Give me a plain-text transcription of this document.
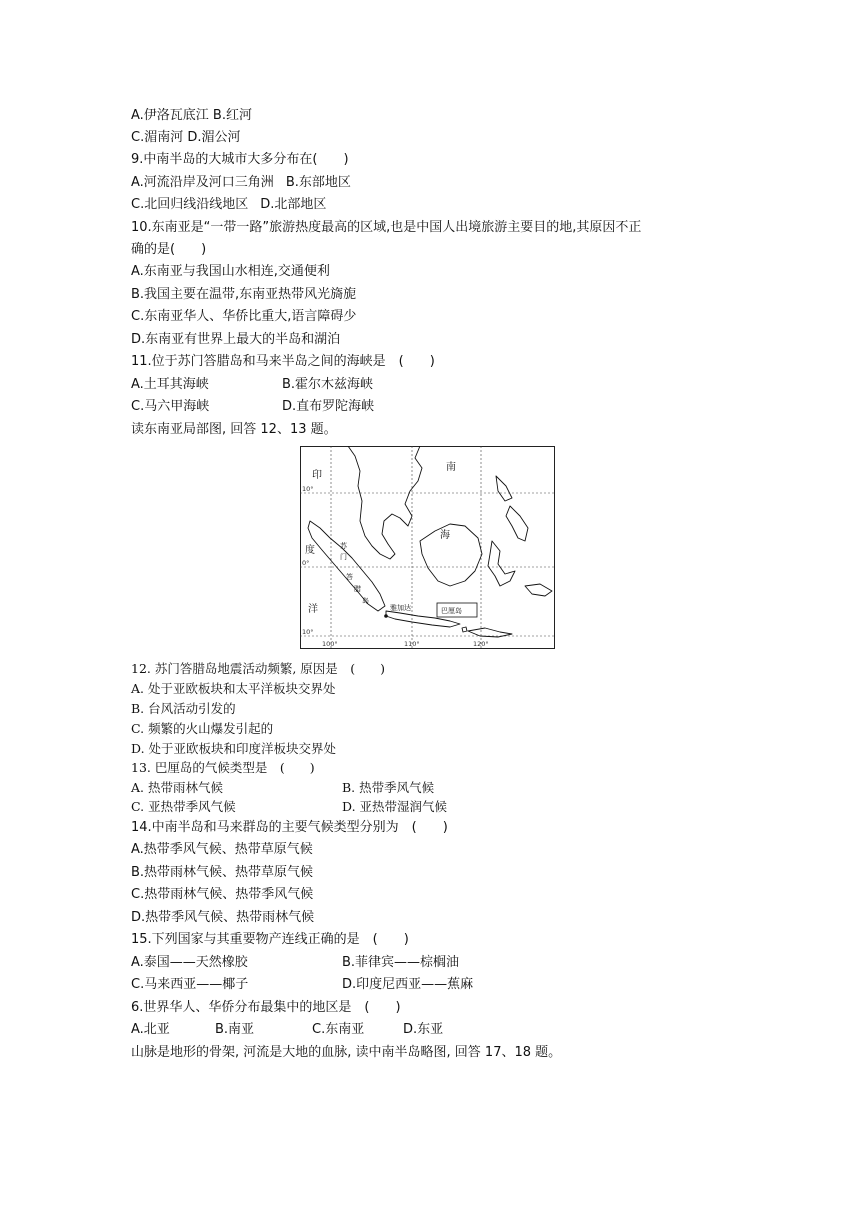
A.伊洛瓦底江 B.红河
C.湄南河 D.湄公河
9.中南半岛的大城市大多分布在(　　)
A.河流沿岸及河口三角洲 B.东部地区
C.北回归线沿线地区 D.北部地区
10.东南亚是“一带一路”旅游热度最高的区域,也是中国人出境旅游主要目的地,其原因不正
确的是(　　)
A.东南亚与我国山水相连,交通便利
B.我国主要在温带,东南亚热带风光旖旎
C.东南亚华人、华侨比重大,语言障碍少
D.东南亚有世界上最大的半岛和湖泊
11.位于苏门答腊岛和马来半岛之间的海峡是　(　　)
A.土耳其海峡	B.霍尔木兹海峡
C.马六甲海峡	D.直布罗陀海峡
读东南亚局部图, 回答 12、13 题。
印
度
洋
南
海
苏
门
答
腊
岛
雅加达	巴厘岛
10°
0°
10°
100°	110°	120°
12. 苏门答腊岛地震活动频繁, 原因是　(　　)
A. 处于亚欧板块和太平洋板块交界处
B. 台风活动引发的
C. 频繁的火山爆发引起的
D. 处于亚欧板块和印度洋板块交界处
13. 巴厘岛的气候类型是　(　　)
A. 热带雨林气候	B. 热带季风气候
C. 亚热带季风气候	D. 亚热带湿润气候
14.中南半岛和马来群岛的主要气候类型分别为　(　　)
A.热带季风气候、热带草原气候
B.热带雨林气候、热带草原气候
C.热带雨林气候、热带季风气候
D.热带季风气候、热带雨林气候
15.下列国家与其重要物产连线正确的是　(　　)
A.泰国——天然橡胶	B.菲律宾——棕榈油
C.马来西亚——椰子	D.印度尼西亚——蕉麻
6.世界华人、华侨分布最集中的地区是　(　　)
A.北亚	B.南亚	C.东南亚	D.东亚
山脉是地形的骨架, 河流是大地的血脉, 读中南半岛略图, 回答 17、18 题。
